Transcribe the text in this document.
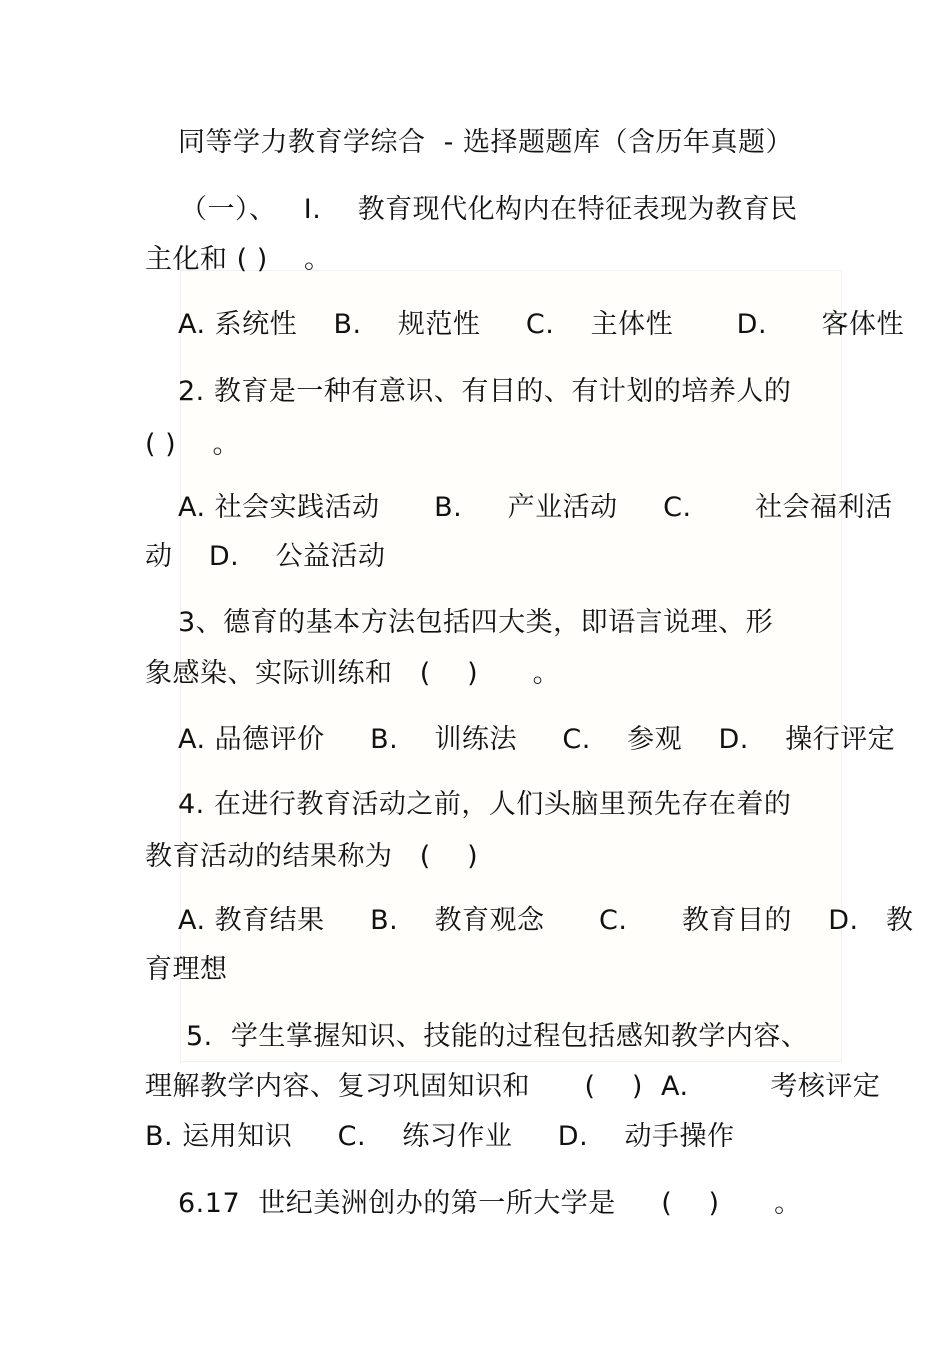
同等学力教育学综合  - 选择题题库（含历年真题）
（一）、   I.    教育现代化构内在特征表现为教育民
主化和 ( )    。
A. 系统性    B.    规范性     C.    主体性       D.      客体性
2. 教育是一种有意识、有目的、有计划的培养人的
( )    。
A. 社会实践活动      B.     产业活动     C.       社会福利活
动    D.    公益活动
3、德育的基本方法包括四大类，即语言说理、形
象感染、实际训练和   (    )      。
A. 品德评价     B.    训练法     C.    参观    D.    操行评定
4. 在进行教育活动之前，人们头脑里预先存在着的
教育活动的结果称为   (    )
A. 教育结果     B.    教育观念      C.      教育目的    D.   教
育理想
5.  学生掌握知识、技能的过程包括感知教学内容、
理解教学内容、复习巩固知识和      (    )  A.         考核评定
B. 运用知识     C.    练习作业     D.    动手操作
6.17  世纪美洲创办的第一所大学是     (    )      。
